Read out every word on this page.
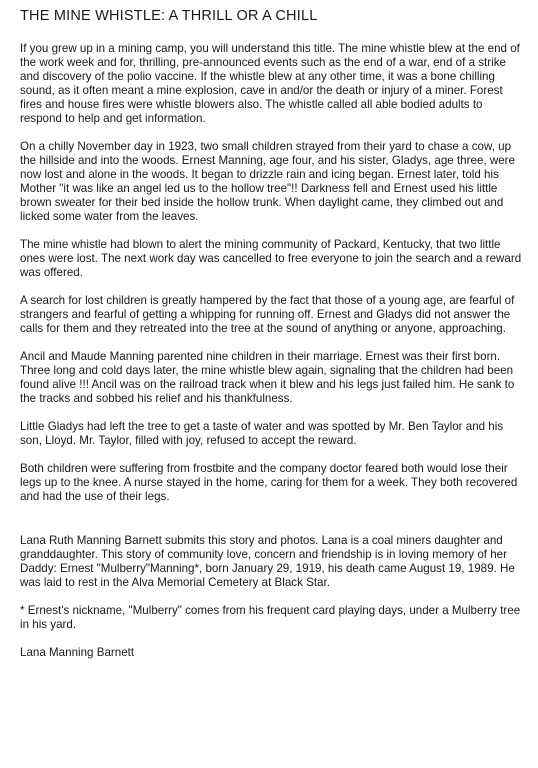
THE MINE WHISTLE: A THRILL OR A CHILL

If you grew up in a mining camp, you will understand this title. The mine whistle blew at the end of the work week and for, thrilling, pre-announced events such as the end of a war, end of a strike and discovery of the polio vaccine. If the whistle blew at any other time, it was a bone chilling sound, as it often meant a mine explosion, cave in and/or the death or injury of a miner. Forest fires and house fires were whistle blowers also. The whistle called all able bodied adults to respond to help and get information.

On a chilly November day in 1923, two small children strayed from their yard to chase a cow, up the hillside and into the woods. Ernest Manning, age four, and his sister, Gladys, age three, were now lost and alone in the woods. It began to drizzle rain and icing began. Ernest later, told his Mother "it was like an angel led us to the hollow tree"!! Darkness fell and Ernest used his little brown sweater for their bed inside the hollow trunk. When daylight came, they climbed out and licked some water from the leaves.

The mine whistle had blown to alert the mining community of Packard, Kentucky, that two little ones were lost. The next work day was cancelled to free everyone to join the search and a reward was offered.

A search for lost children is greatly hampered by the fact that those of a young age, are fearful of strangers and fearful of getting a whipping for running off. Ernest and Gladys did not answer the calls for them and they retreated into the tree at the sound of anything or anyone, approaching.

Ancil and Maude Manning parented nine children in their marriage. Ernest was their first born. Three long and cold days later, the mine whistle blew again, signaling that the children had been found alive !!! Ancil was on the railroad track when it blew and his legs just failed him. He sank to the tracks and sobbed his relief and his thankfulness.

Little Gladys had left the tree to get a taste of water and was spotted by Mr. Ben Taylor and his son, Lloyd. Mr. Taylor, filled with joy, refused to accept the reward.

Both children were suffering from frostbite and the company doctor feared both would lose their legs up to the knee. A nurse stayed in the home, caring for them for a week. They both recovered and had the use of their legs.

Lana Ruth Manning Barnett submits this story and photos. Lana is a coal miners daughter and granddaughter. This story of community love, concern and friendship is in loving memory of her Daddy: Ernest "Mulberry"Manning*, born January 29, 1919, his death came August 19, 1989. He was laid to rest in the Alva Memorial Cemetery at Black Star.

* Ernest's nickname, "Mulberry" comes from his frequent card playing days, under a Mulberry tree in his yard.

Lana Manning Barnett
